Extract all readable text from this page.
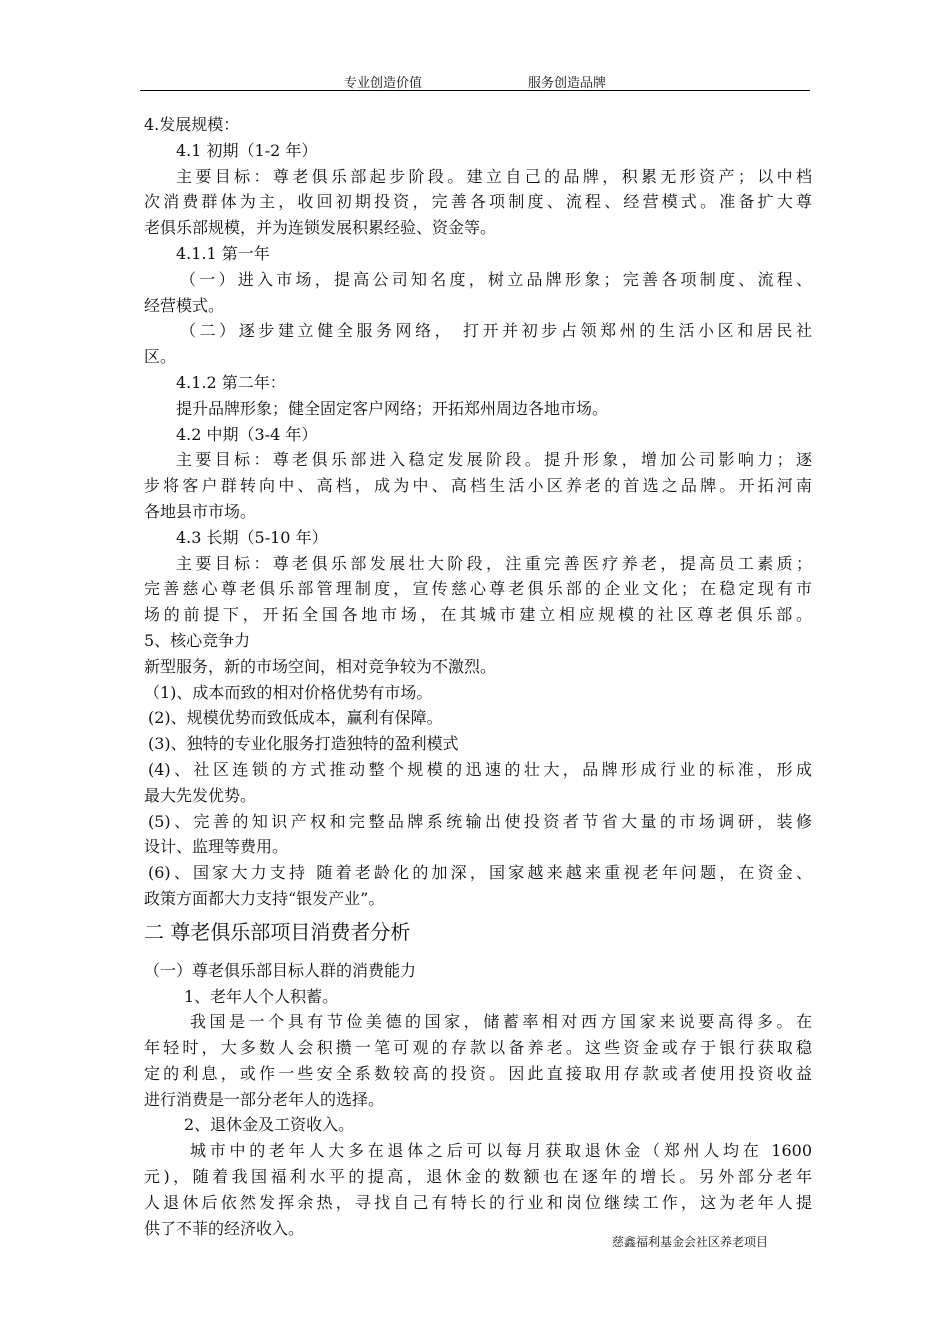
专业创造价值	服务创造品牌
4.发展规模：
4.1 初期（1-2 年）
主要目标：尊老俱乐部起步阶段。建立自己的品牌，积累无形资产；以中档
次消费群体为主，收回初期投资，完善各项制度、流程、经营模式。准备扩大尊
老俱乐部规模，并为连锁发展积累经验、资金等。
4.1.1 第一年
（一）进入市场，提高公司知名度，树立品牌形象；完善各项制度、流程、
经营模式。
（二）逐步建立健全服务网络， 打开并初步占领郑州的生活小区和居民社
区。
4.1.2 第二年：
提升品牌形象；健全固定客户网络；开拓郑州周边各地市场。
4.2 中期（3-4 年）
主要目标：尊老俱乐部进入稳定发展阶段。提升形象，增加公司影响力；逐
步将客户群转向中、高档，成为中、高档生活小区养老的首选之品牌。开拓河南
各地县市市场。
4.3 长期（5-10 年）
主要目标：尊老俱乐部发展壮大阶段，注重完善医疗养老，提高员工素质；
完善慈心尊老俱乐部管理制度，宣传慈心尊老俱乐部的企业文化；在稳定现有市
场的前提下，开拓全国各地市场，在其城市建立相应规模的社区尊老俱乐部。
5、核心竞争力
新型服务，新的市场空间，相对竞争较为不激烈。
（1)、成本而致的相对价格优势有市场。
(2)、规模优势而致低成本，赢利有保障。
(3)、独特的专业化服务打造独特的盈利模式
(4)、社区连锁的方式推动整个规模的迅速的壮大，品牌形成行业的标准，形成
最大先发优势。
(5)、完善的知识产权和完整品牌系统输出使投资者节省大量的市场调研，装修
设计、监理等费用。
(6)、国家大力支持 随着老龄化的加深，国家越来越来重视老年问题，在资金、
政策方面都大力支持“银发产业”。
二 尊老俱乐部项目消费者分析
（一）尊老俱乐部目标人群的消费能力
1、老年人个人积蓄。
我国是一个具有节俭美德的国家，储蓄率相对西方国家来说要高得多。在
年轻时，大多数人会积攒一笔可观的存款以备养老。这些资金或存于银行获取稳
定的利息，或作一些安全系数较高的投资。因此直接取用存款或者使用投资收益
进行消费是一部分老年人的选择。
2、退休金及工资收入。
城市中的老年人大多在退体之后可以每月获取退休金（郑州人均在 1600
元)，随着我国福利水平的提高，退休金的数额也在逐年的增长。另外部分老年
人退休后依然发挥余热，寻找自己有特长的行业和岗位继续工作，这为老年人提
供了不菲的经济收入。
慈鑫福利基金会社区养老项目
